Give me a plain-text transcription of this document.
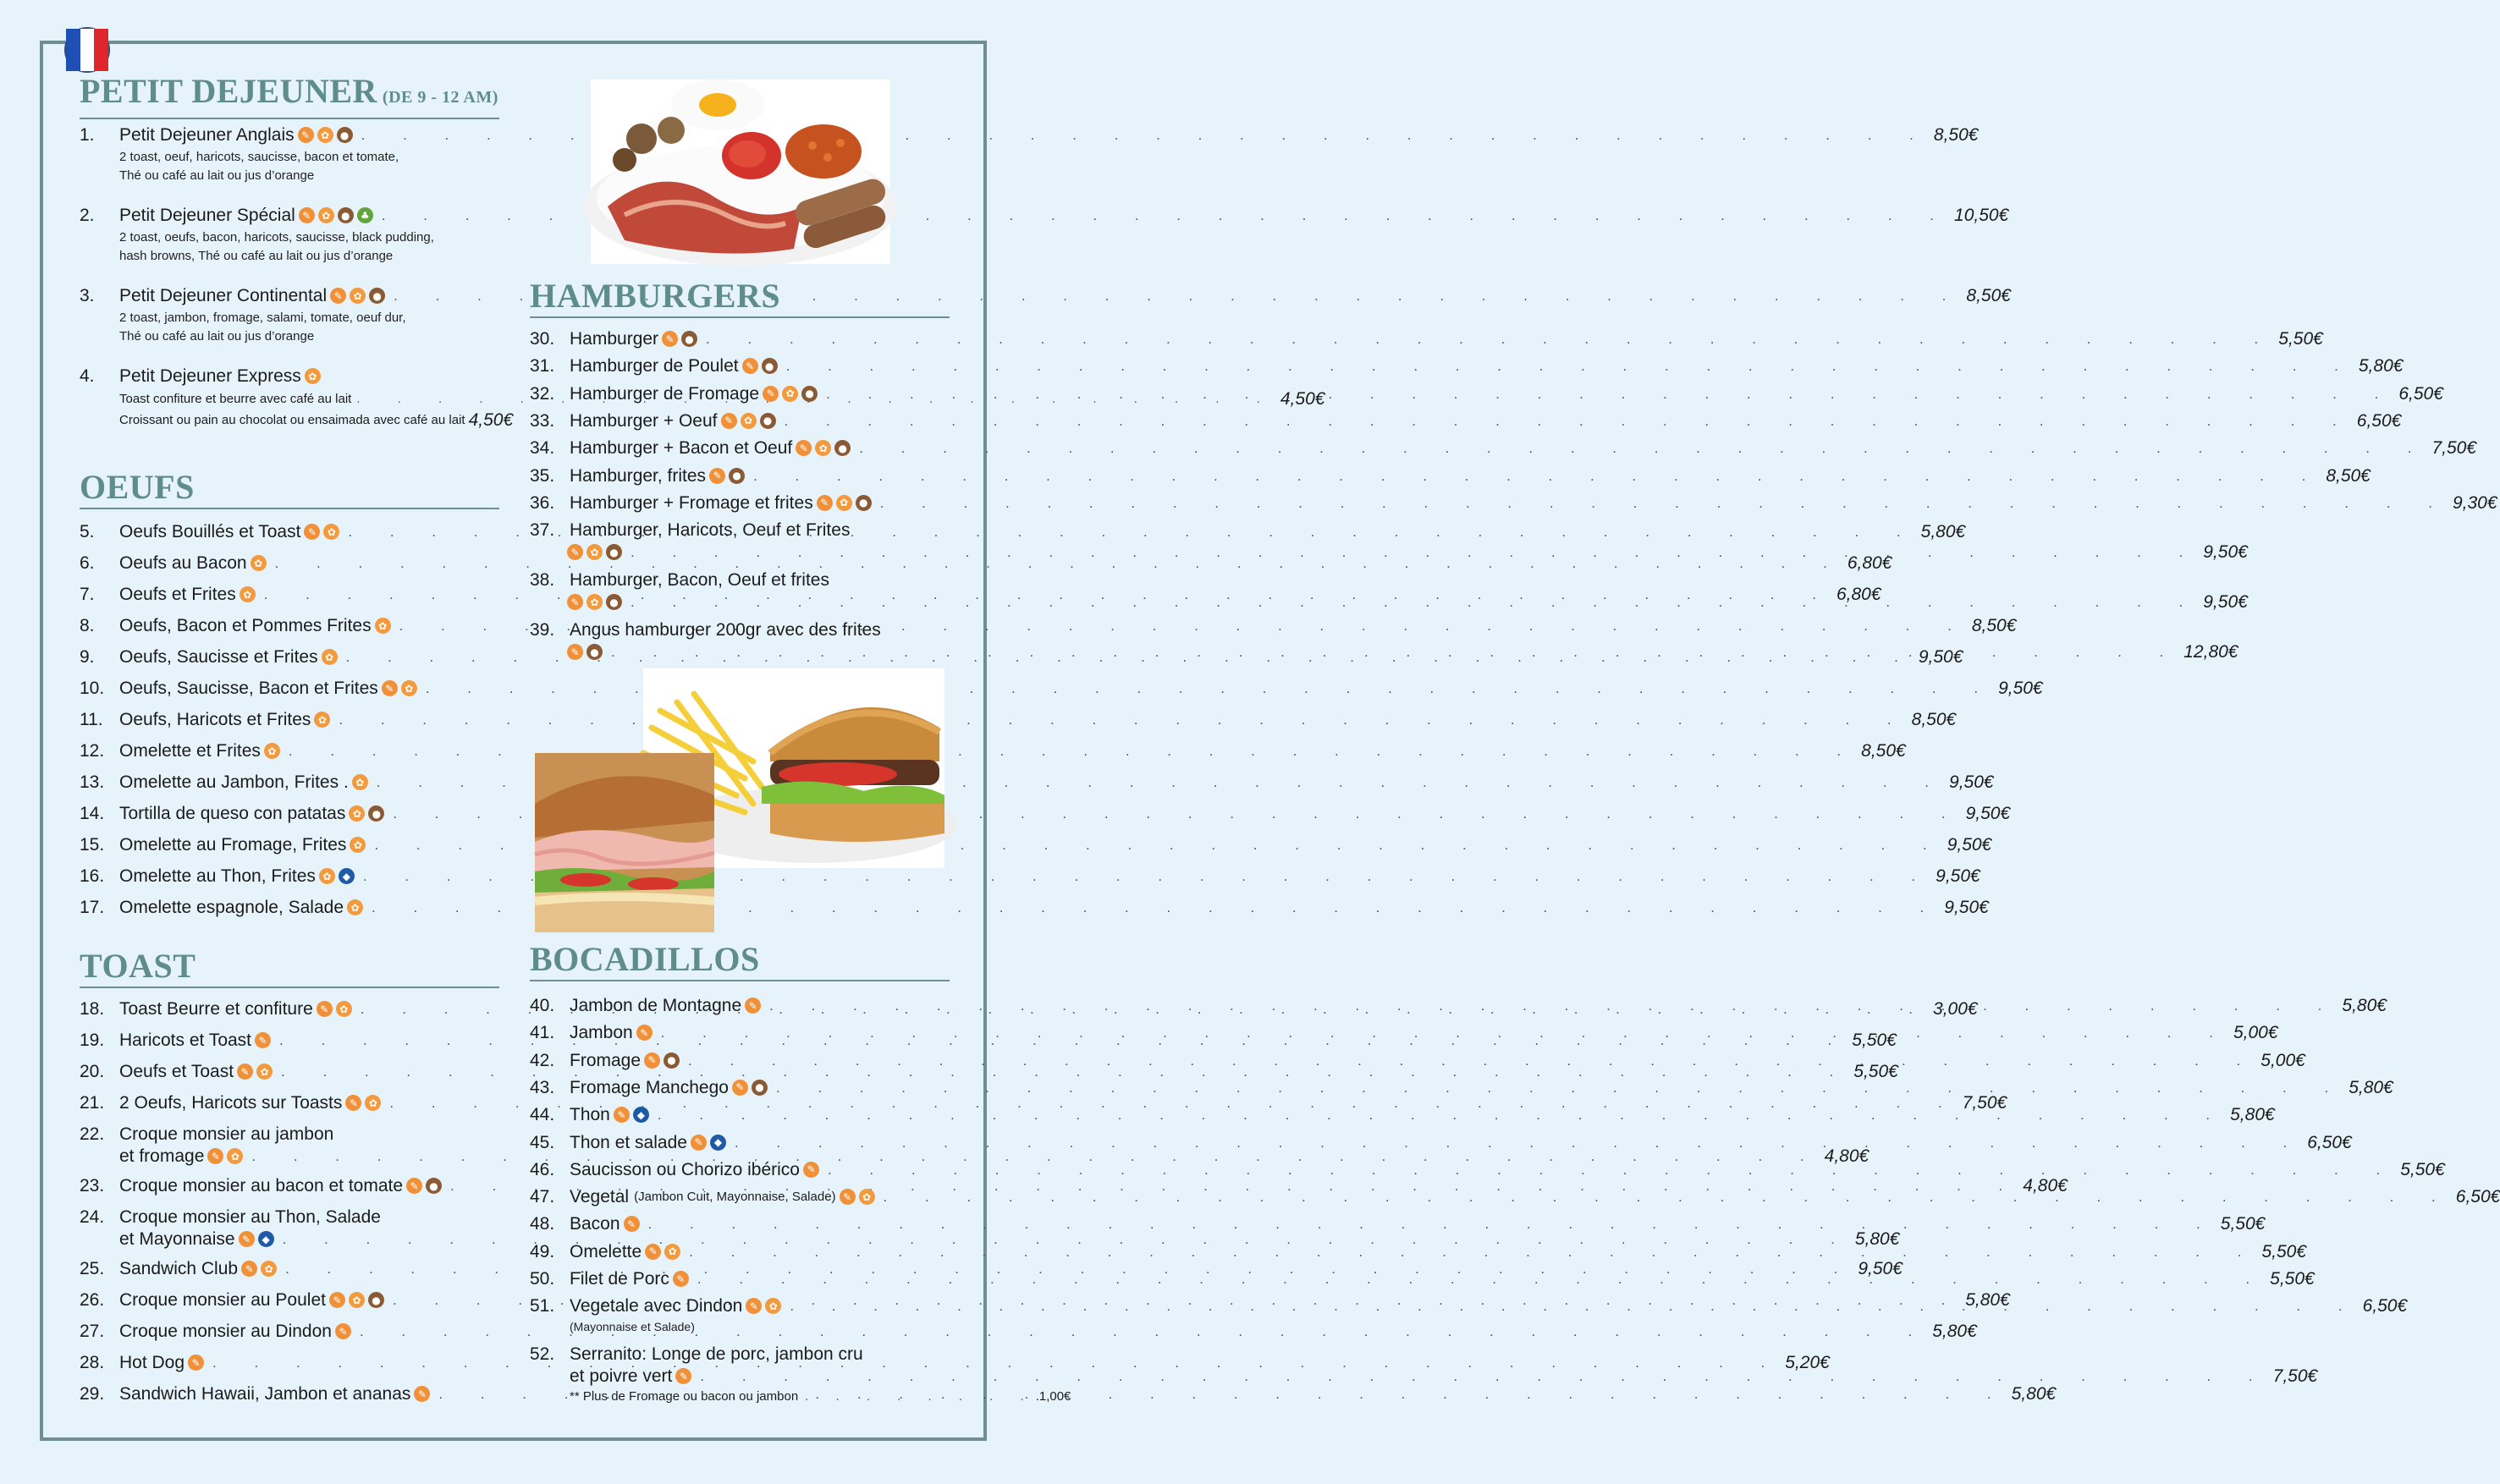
PETIT DEJEUNER (DE 9 - 12 AM)
1. Petit Dejeuner Anglais ✎	✿	● . . .	8,50€
2 toast, oeuf, haricots, saucisse, bacon et tomate,
Thé ou café au lait ou jus d’orange
2. Petit Dejeuner Spécial ✎	✿	●	♣ . . .	10,50€
2 toast, oeufs, bacon, haricots, saucisse, black pudding,
hash browns, Thé ou café au lait ou jus d’orange
3. Petit Dejeuner Continental ✎	✿	● . . .	8,50€
2 toast, jambon, fromage, salami, tomate, oeuf dur,
Thé ou café au lait ou jus d’orange
4. Petit Dejeuner Express ✿
Toast confiture et beurre avec café au lait . . .	4,50€
Croissant ou pain au chocolat ou ensaimada avec café au lait 4,50€
OEUFS
5. Oeufs Bouillés et Toast ✎	✿ . . .	5,80€
6. Oeufs au Bacon ✿ . . .	6,80€
7. Oeufs et Frites ✿ . . .	6,80€
8. Oeufs, Bacon et Pommes Frites ✿ . . .	8,50€
9. Oeufs, Saucisse et Frites ✿ . . .	9,50€
10. Oeufs, Saucisse, Bacon et Frites ✎	✿ . . .	9,50€
11. Oeufs, Haricots et Frites ✿ . . .	8,50€
12. Omelette et Frites ✿ . . .	8,50€
13. Omelette au Jambon, Frites . ✿ . . .	9,50€
14. Tortilla de queso con patatas ✿	● . . .	9,50€
15. Omelette au Fromage, Frites ✿ . . .	9,50€
16. Omelette au Thon, Frites ✿	◆ . . .	9,50€
17. Omelette espagnole, Salade ✿ . . .	9,50€
TOAST
18. Toast Beurre et confiture ✎	✿ . . .	3,00€
19. Haricots et Toast ✎ . . .	5,50€
20. Oeufs et Toast ✎	✿ . . .	5,50€
21. 2 Oeufs, Haricots sur Toasts ✎	✿ . . .	7,50€
22. Croque monsier au jambon
et fromage ✎	✿ . . .	4,80€
23. Croque monsier au bacon et tomate ✎	● . . .	4,80€
24. Croque monsier au Thon, Salade
et Mayonnaise ✎	◆ . . .	5,80€
25. Sandwich Club ✎	✿ . . .	9,50€
26. Croque monsier au Poulet ✎	✿	● . . .	5,80€
27. Croque monsier au Dindon ✎ . . .	5,80€
28. Hot Dog ✎ . . .	5,20€
29. Sandwich Hawaii, Jambon et ananas ✎ . . .	5,80€
HAMBURGERS
30. Hamburger ✎	● . . .	5,50€
31. Hamburger de Poulet ✎	● . . .	5,80€
32. Hamburger de Fromage ✎	✿	● . . .	6,50€
33. Hamburger + Oeuf ✎	✿	● . . .	6,50€
34. Hamburger + Bacon et Oeuf ✎	✿	● . . .	7,50€
35. Hamburger, frites ✎	● . . .	8,50€
36. Hamburger + Fromage et frites ✎	✿	● . . .	9,30€
37. Hamburger, Haricots, Oeuf et Frites
✎	✿	● . . .	9,50€
38. Hamburger, Bacon, Oeuf et frites
✎	✿	● . . .	9,50€
39. Angus hamburger 200gr avec des frites
✎	● . . .	12,80€
BOCADILLOS
40. Jambon de Montagne ✎ . . .	5,80€
41. Jambon ✎ . . .	5,00€
42. Fromage ✎	● . . .	5,00€
43. Fromage Manchego ✎	● . . .	5,80€
44. Thon ✎	◆ . . .	5,80€
45. Thon et salade ✎	◆ . . .	6,50€
46. Saucisson ou Chorizo ibérico ✎ . . .	5,50€
47. Vegetal (Jambon Cuit, Mayonnaise, Salade) ✎	✿ . . .	6,50€
48. Bacon ✎ . . .	5,50€
49. Omelette ✎	✿ . . .	5,50€
50. Filet de Porc ✎ . . .	5,50€
51. Vegetale avec Dindon ✎	✿ . . .	6,50€
(Mayonnaise et Salade)
52. Serranito: Longe de porc, jambon cru
et poivre vert ✎ . . .	7,50€
** Plus de Fromage ou bacon ou jambon . . . . . . . . .1,00€
